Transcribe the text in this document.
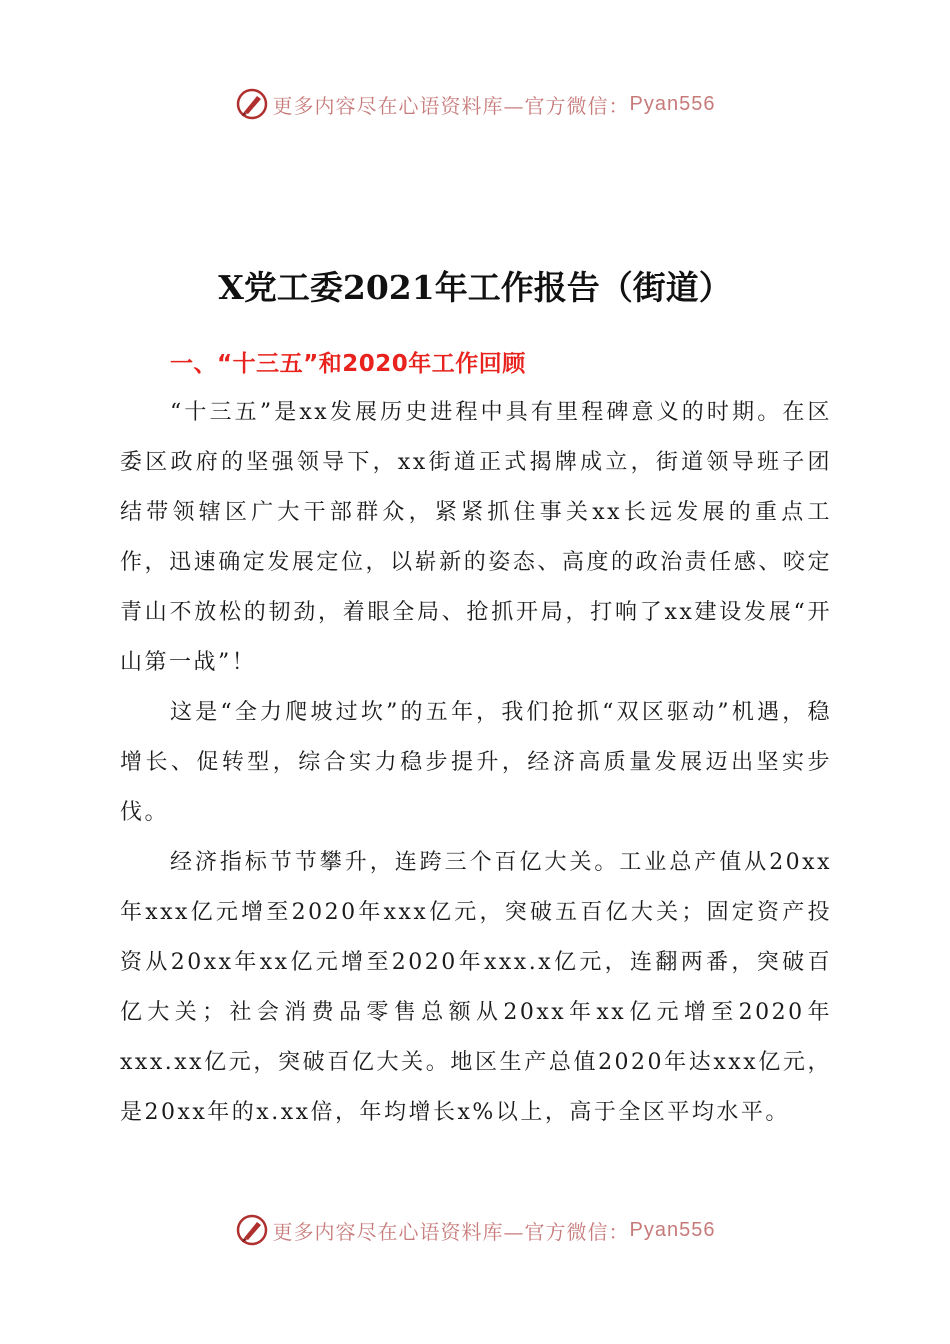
更多内容尽在心语资料库—官方微信： Pyan556
X党工委2021年工作报告（街道）
一、“十三五”和2020年工作回顾

“十三五”是xx发展历史进程中具有里程碑意义的时期。在区委区政府的坚强领导下，xx街道正式揭牌成立，街道领导班子团结带领辖区广大干部群众，紧紧抓住事关xx长远发展的重点工作，迅速确定发展定位，以崭新的姿态、高度的政治责任感、咬定青山不放松的韧劲，着眼全局、抢抓开局，打响了xx建设发展“开山第一战”！

这是“全力爬坡过坎”的五年，我们抢抓“双区驱动”机遇，稳增长、促转型，综合实力稳步提升，经济高质量发展迈出坚实步伐。

经济指标节节攀升，连跨三个百亿大关。工业总产值从20xx年xxx亿元增至2020年xxx亿元，突破五百亿大关；固定资产投资从20xx年xx亿元增至2020年xxx.x亿元，连翻两番，突破百亿大关；社会消费品零售总额从20xx年xx亿元增至2020年xxx.xx亿元，突破百亿大关。地区生产总值2020年达xxx亿元，是20xx年的x.xx倍，年均增长x%以上，高于全区平均水平。

更多内容尽在心语资料库—官方微信： Pyan556
